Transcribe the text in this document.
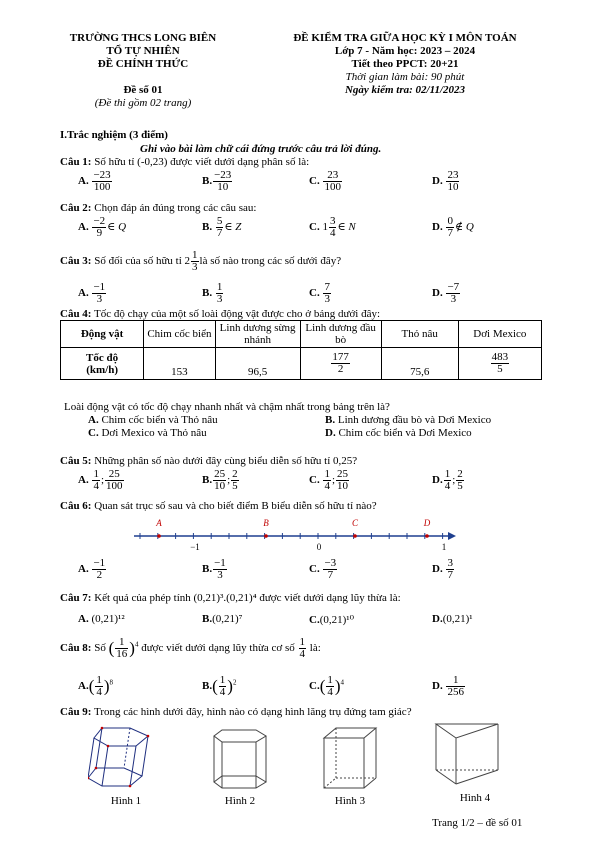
TRƯỜNG THCS LONG BIÊN
TỔ TỰ NHIÊN
ĐỀ CHÍNH THỨC
Đề số 01
(Đề thi gồm 02 trang)
ĐỀ KIỂM TRA GIỮA HỌC KỲ I MÔN TOÁN
Lớp 7 - Năm học: 2023 – 2024
Tiết theo PPCT: 20+21
Thời gian làm bài: 90 phút
Ngày kiểm tra: 02/11/2023
I.Trắc nghiệm (3 điểm)
Ghi vào bài làm chữ cái đứng trước câu trả lời đúng.
Câu 1: Số hữu tỉ (-0,23) được viết dưới dạng phân số là:
A. $\frac{-23}{100}$	B. $\frac{-23}{10}$	C. $\frac{23}{100}$	D. $\frac{23}{10}$
Câu 2: Chọn đáp án đúng trong các câu sau:
A. $\frac{-2}{9}$ ∈ Q	B. $\frac{5}{7}$ ∈ Z	C. $1 \frac{3}{4}$ ∈ N	D. $\frac{0}{7}$ ∉ Q
Câu 3: Số đối của số hữu tỉ $2 \frac{1}{3}$ là số nào trong các số dưới đây?
A. $\frac{-1}{3}$	B. $\frac{1}{3}$	C. $\frac{7}{3}$	D. $\frac{-7}{3}$
Câu 4: Tốc độ chạy của một số loài động vật được cho ở bảng dưới đây:
Động vật	Chim cốc biển	Linh dương sừng nhánh	Linh dương đầu bò	Thỏ nâu	Dơi Mexico
Tốc độ
(km/h)	153	96,5	$\frac{177}{2}$	75,6	$\frac{483}{5}$
Loài động vật có tốc độ chạy nhanh nhất và chậm nhất trong bảng trên là?
A. Chim cốc biển và Thỏ nâu	B. Linh dương đầu bò và Dơi Mexico
C. Dơi Mexico và Thỏ nâu	D. Chim cốc biển và Dơi Mexico
Câu 5: Những phân số nào dưới đây cùng biểu diễn số hữu tỉ 0,25?
A. $\frac{1}{4}$ ; $\frac{25}{100}$	B. $\frac{25}{10}$ ; $\frac{2}{5}$	C. $\frac{1}{4}$ ; $\frac{25}{10}$	D. $\frac{1}{4}$ ; $\frac{2}{5}$
Câu 6: Quan sát trục số sau và cho biết điểm B biểu diễn số hữu tỉ nào?
A	B	C	D
−1	0	1
A. $\frac{-1}{2}$	B. $\frac{-1}{3}$	C. $\frac{-3}{7}$	D. $\frac{3}{7}$
Câu 7: Kết quả của phép tính (0,21)³.(0,21)⁴ được viết dưới dạng lũy thừa là:
A. (0,21)¹²	B.(0,21)⁷	C.(0,21)¹⁰	D.(0,21)¹
Câu 8: Số ( $\frac{1}{16} )^4$ được viết dưới dạng lũy thừa cơ số $\frac{1}{4}$ là:
$A.( \frac{1}{4} )^8$	$B.( \frac{1}{4} )^2$	$C.( \frac{1}{4} )^4$	D. $\frac{1}{256}$
Câu 9: Trong các hình dưới đây, hình nào có dạng hình lăng trụ đứng tam giác?
Hình 1	Hình 2	Hình 3	Hình 4
Trang 1/2 – đề số 01
